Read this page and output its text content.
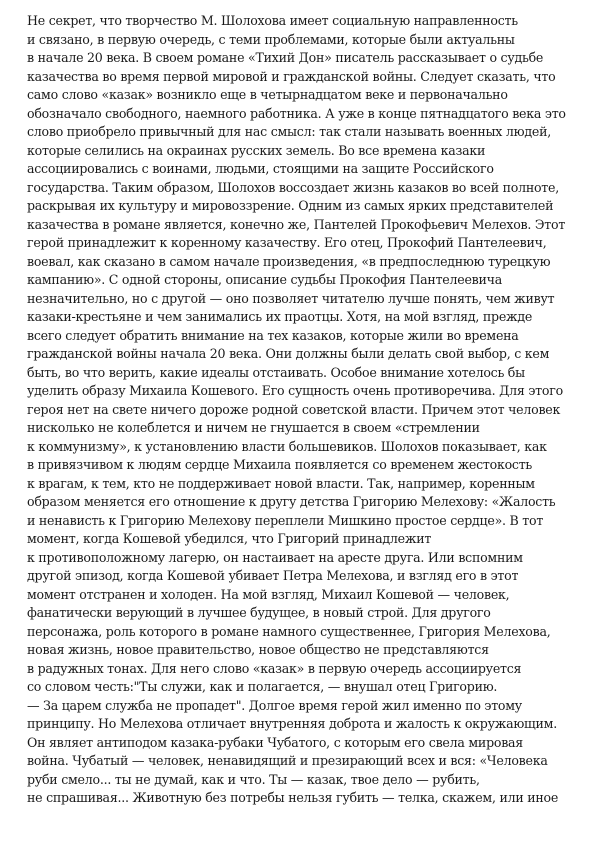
Не секрет, что творчество М. Шолохова имеет социальную направленность
и связано, в первую очередь, с теми проблемами, которые были актуальны
в начале 20 века. В своем романе «Тихий Дон» писатель рассказывает о судьбе
казачества во время первой мировой и гражданской войны. Следует сказать, что
само слово «казак» возникло еще в четырнадцатом веке и первоначально
обозначало свободного, наемного работника. А уже в конце пятнадцатого века это
слово приобрело привычный для нас смысл: так стали называть военных людей,
которые селились на окраинах русских земель. Во все времена казаки
ассоциировались с воинами, людьми, стоящими на защите Российского
государства. Таким образом, Шолохов воссоздает жизнь казаков во всей полноте,
раскрывая их культуру и мировоззрение. Одним из самых ярких представителей
казачества в романе является, конечно же, Пантелей Прокофьевич Мелехов. Этот
герой принадлежит к коренному казачеству. Его отец, Прокофий Пантелеевич,
воевал, как сказано в самом начале произведения, «в предпоследнюю турецкую
кампанию». С одной стороны, описание судьбы Прокофия Пантелеевича
незначительно, но с другой — оно позволяет читателю лучше понять, чем живут
казаки-крестьяне и чем занимались их праотцы. Хотя, на мой взгляд, прежде
всего следует обратить внимание на тех казаков, которые жили во времена
гражданской войны начала 20 века. Они должны были делать свой выбор, с кем
быть, во что верить, какие идеалы отстаивать. Особое внимание хотелось бы
уделить образу Михаила Кошевого. Его сущность очень противоречива. Для этого
героя нет на свете ничего дороже родной советской власти. Причем этот человек
нисколько не колеблется и ничем не гнушается в своем «стремлении
к коммунизму», к установлению власти большевиков. Шолохов показывает, как
в привязчивом к людям сердце Михаила появляется со временем жестокость
к врагам, к тем, кто не поддерживает новой власти. Так, например, коренным
образом меняется его отношение к другу детства Григорию Мелехову: «Жалость
и ненависть к Григорию Мелехову переплели Мишкино простое сердце». В тот
момент, когда Кошевой убедился, что Григорий принадлежит
к противоположному лагерю, он настаивает на аресте друга. Или вспомним
другой эпизод, когда Кошевой убивает Петра Мелехова, и взгляд его в этот
момент отстранен и холоден. На мой взгляд, Михаил Кошевой — человек,
фанатически верующий в лучшее будущее, в новый строй. Для другого
персонажа, роль которого в романе намного существеннее, Григория Мелехова,
новая жизнь, новое правительство, новое общество не представляются
в радужных тонах. Для него слово «казак» в первую очередь ассоциируется
со словом честь:"Ты служи, как и полагается, — внушал отец Григорию.
— За царем служба не пропадет". Долгое время герой жил именно по этому
принципу. Но Мелехова отличает внутренняя доброта и жалость к окружающим.
Он являет антиподом казака-рубаки Чубатого, с которым его свела мировая
война. Чубатый — человек, ненавидящий и презирающий всех и вся: «Человека
руби смело... ты не думай, как и что. Ты — казак, твое дело — рубить,
не спрашивая... Животную без потребы нельзя губить — телка, скажем, или иное
